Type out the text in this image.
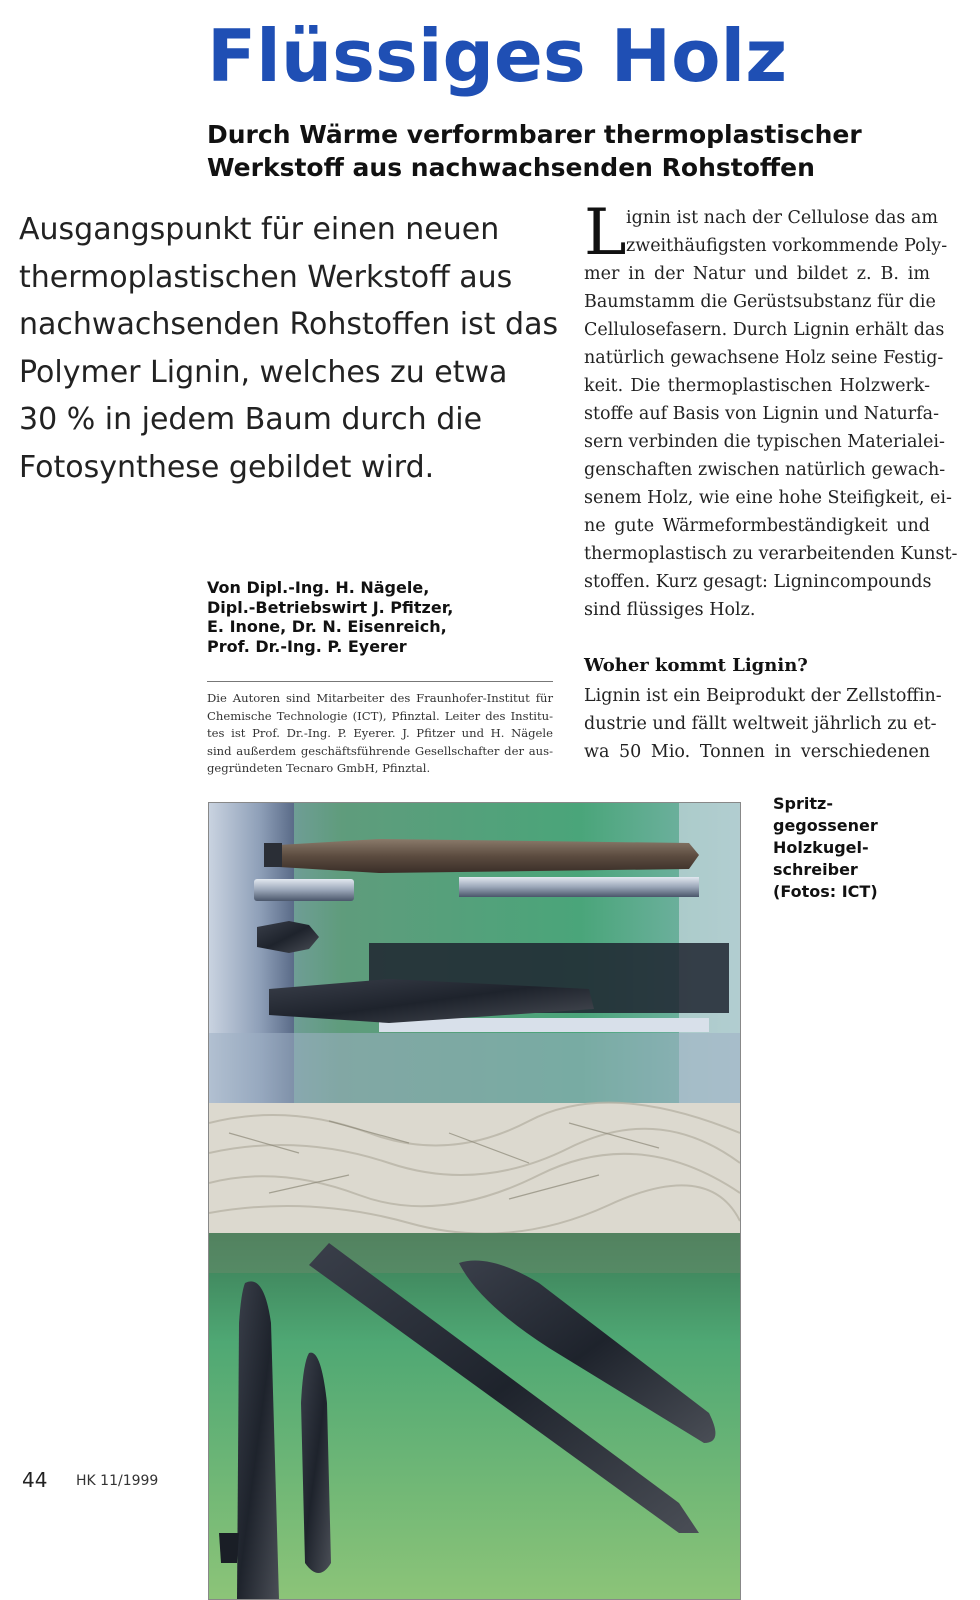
Flüssiges Holz
Durch Wärme verformbarer thermoplastischer
Werkstoff aus nachwachsenden Rohstoffen
Ausgangspunkt für einen neuen
thermoplastischen Werkstoff aus
nachwachsenden Rohstoffen ist das
Polymer Lignin, welches zu etwa
30 % in jedem Baum durch die
Fotosynthese gebildet wird.
Von Dipl.-Ing. H. Nägele,
Dipl.-Betriebswirt J. Pfitzer,
E. Inone, Dr. N. Eisenreich,
Prof. Dr.-Ing. P. Eyerer
Die Autoren sind Mitarbeiter des Fraunhofer-Institut für
Chemische Technologie (ICT), Pfinztal. Leiter des Institu-
tes ist Prof. Dr.-Ing. P. Eyerer. J. Pfitzer und H. Nägele
sind außerdem geschäftsführende Gesellschafter der aus-
gegründeten Tecnaro GmbH, Pfinztal.
L ignin ist nach der Cellulose das am
zweithäufigsten vorkommende Poly-
mer in der Natur und bildet z. B. im
Baumstamm die Gerüstsubstanz für die
Cellulosefasern. Durch Lignin erhält das
natürlich gewachsene Holz seine Festig-
keit. Die thermoplastischen Holzwerk-
stoffe auf Basis von Lignin und Naturfa-
sern verbinden die typischen Materialei-
genschaften zwischen natürlich gewach-
senem Holz, wie eine hohe Steifigkeit, ei-
ne gute Wärmeformbeständigkeit und
thermoplastisch zu verarbeitenden Kunst-
stoffen. Kurz gesagt: Lignincompounds
sind flüssiges Holz.
Woher kommt Lignin?
Lignin ist ein Beiprodukt der Zellstoffin-
dustrie und fällt weltweit jährlich zu et-
wa 50 Mio. Tonnen in verschiedenen
Spritz-
gegossener
Holzkugel-
schreiber
(Fotos: ICT)
44 HK 11/1999
